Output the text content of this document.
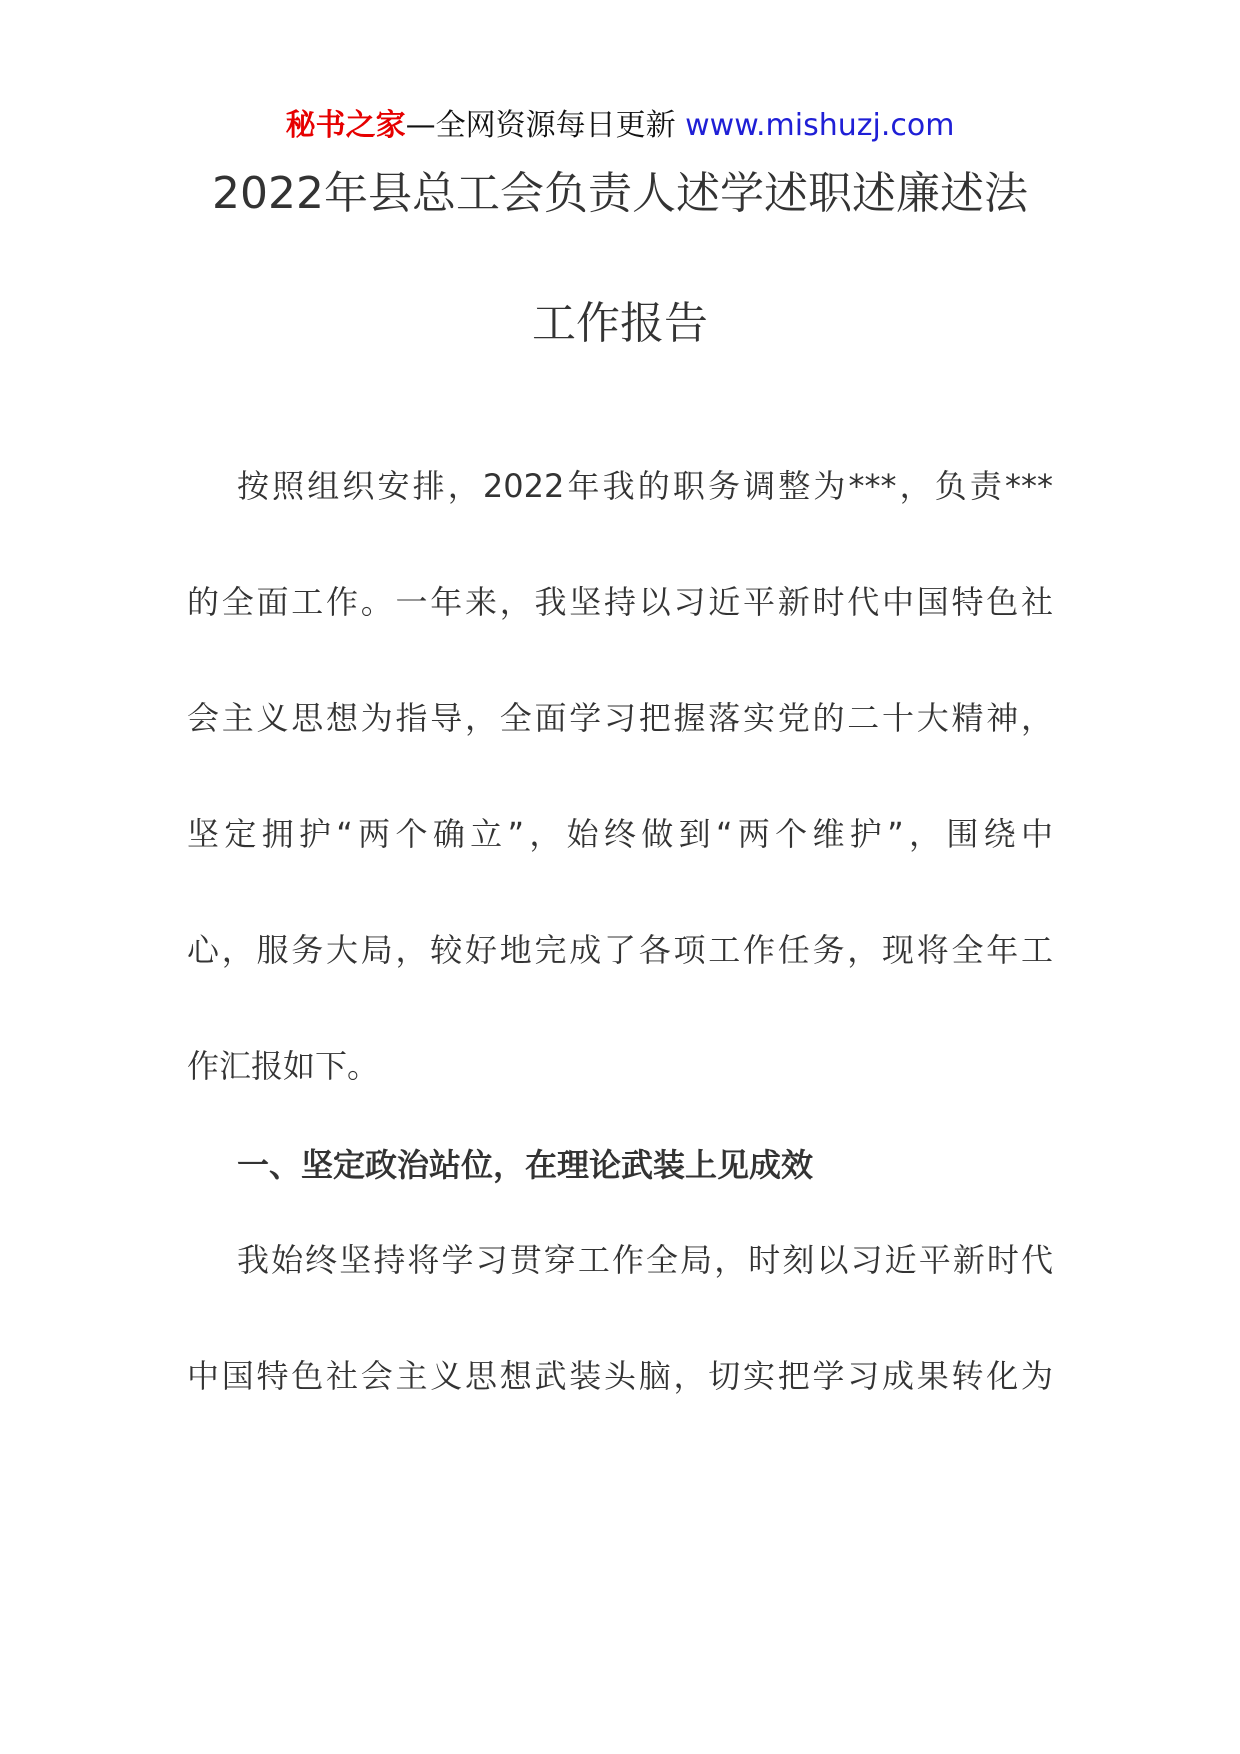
秘书之家—全网资源每日更新 www.mishuzj.com
2022年县总工会负责人述学述职述廉述法
工作报告
按照组织安排，2022年我的职务调整为***，负责***
的全面工作。一年来，我坚持以习近平新时代中国特色社
会主义思想为指导，全面学习把握落实党的二十大精神，
坚定拥护“两个确立”，始终做到“两个维护”，围绕中
心，服务大局，较好地完成了各项工作任务，现将全年工
作汇报如下。
一、坚定政治站位，在理论武装上见成效
我始终坚持将学习贯穿工作全局，时刻以习近平新时代
中国特色社会主义思想武装头脑，切实把学习成果转化为
